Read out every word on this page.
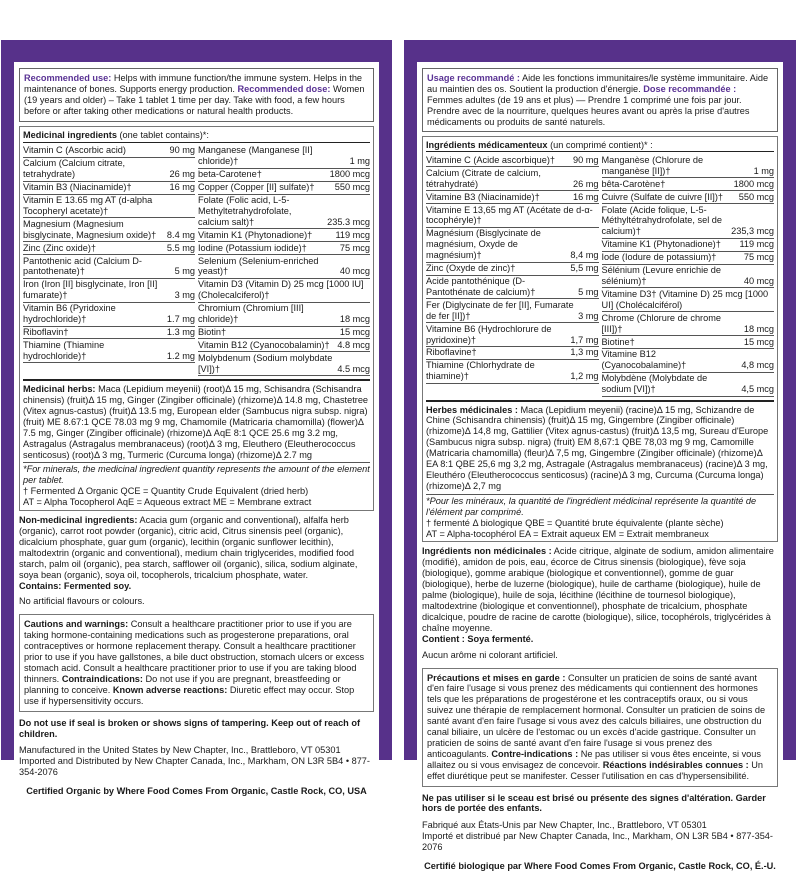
Recommended use: Helps with immune function/the immune system. Helps in the maintenance of bones. Supports energy production. Recommended dose: Women (19 years and older) – Take 1 tablet 1 time per day. Take with food, a few hours before or after taking other medications or natural health products.
Medicinal ingredients (one tablet contains)*:
Vitamin C (Ascorbic acid)	90 mg
Calcium (Calcium citrate, tetrahydrate)	26 mg
Vitamin B3 (Niacinamide)†	16 mg
Vitamin E 13.65 mg AT (d-alpha Tocopheryl acetate)†
Magnesium (Magnesium bisglycinate, Magnesium oxide)†	8.4 mg
Zinc (Zinc oxide)†	5.5 mg
Pantothenic acid (Calcium D-pantothenate)†	5 mg
Iron (Iron [II] bisglycinate, Iron [II] fumarate)†	3 mg
Vitamin B6 (Pyridoxine hydrochloride)†	1.7 mg
Riboflavin†	1.3 mg
Thiamine (Thiamine hydrochloride)†	1.2 mg
Manganese (Manganese [II] chloride)†	1 mg
beta-Carotene†	1800 mcg
Copper (Copper [II] sulfate)†	550 mcg
Folate (Folic acid, L-5-Methyltetrahydrofolate, calcium salt)†	235.3 mcg
Vitamin K1 (Phytonadione)†	119 mcg
Iodine (Potassium iodide)†	75 mcg
Selenium (Selenium-enriched yeast)†	40 mcg
Vitamin D3 (Vitamin D) 25 mcg [1000 IU] (Cholecalciferol)†
Chromium (Chromium [III] chloride)†	18 mcg
Biotin†	15 mcg
Vitamin B12 (Cyanocobalamin)† 4.8 mcg
Molybdenum (Sodium molybdate [VI])†	4.5 mcg
Medicinal herbs: Maca (Lepidium meyenii) (root)Δ 15 mg, Schisandra (Schisandra chinensis) (fruit)Δ 15 mg, Ginger (Zingiber officinale) (rhizome)Δ 14.8 mg, Chastetree (Vitex agnus-castus) (fruit)Δ 13.5 mg, European elder (Sambucus nigra subsp. nigra) (fruit) ME 8.67:1 QCE 78.03 mg 9 mg, Chamomile (Matricaria chamomilla) (flower)Δ 7.5 mg, Ginger (Zingiber officinale) (rhizome)Δ AqE 8:1 QCE 25.6 mg 3.2 mg, Astragalus (Astragalus membranaceus) (root)Δ 3 mg, Eleuthero (Eleutherococcus senticosus) (root)Δ 3 mg, Turmeric (Curcuma longa) (rhizome)Δ 2.7 mg

*For minerals, the medicinal ingredient quantity represents the amount of the element per tablet.

† Fermented Δ Organic QCE = Quantity Crude Equivalent (dried herb)

AT = Alpha Tocopherol AqE = Aqueous extract ME = Membrane extract

Non-medicinal ingredients: Acacia gum (organic and conventional), alfalfa herb (organic), carrot root powder (organic), citric acid, Citrus sinensis peel (organic), dicalcium phosphate, guar gum (organic), lecithin (organic sunflower lecithin), maltodextrin (organic and conventional), medium chain triglycerides, modified food starch, palm oil (organic), pea starch, safflower oil (organic), silica, sodium alginate, soya bean (organic), soya oil, tocopherols, tricalcium phosphate, water.

Contains: Fermented soy.

No artificial flavours or colours.

Cautions and warnings: Consult a healthcare practitioner prior to use if you are taking hormone-containing medications such as progesterone preparations, oral contraceptives or hormone replacement therapy. Consult a healthcare practitioner prior to use if you have gallstones, a bile duct obstruction, stomach ulcers or excess stomach acid. Consult a healthcare practitioner prior to use if you are taking blood thinners. Contraindications: Do not use if you are pregnant, breastfeeding or planning to conceive. Known adverse reactions: Diuretic effect may occur. Stop use if hypersensitivity occurs.

Do not use if seal is broken or shows signs of tampering. Keep out of reach of children.

Manufactured in the United States by New Chapter, Inc., Brattleboro, VT 05301

Imported and Distributed by New Chapter Canada, Inc., Markham, ON L3R 5B4 • 877-354-2076

Certified Organic by Where Food Comes From Organic, Castle Rock, CO, USA

Usage recommandé : Aide les fonctions immunitaires/le système immunitaire. Aide au maintien des os. Soutient la production d'énergie. Dose recommandée : Femmes adultes (de 19 ans et plus) — Prendre 1 comprimé une fois par jour. Prendre avec de la nourriture, quelques heures avant ou après la prise d'autres médicaments ou produits de santé naturels.
Ingrédients médicamenteux (un comprimé contient)* :
Vitamine C (Acide ascorbique)†	90 mg
Calcium (Citrate de calcium, tétrahydraté)	26 mg
Vitamine B3 (Niacinamide)†	16 mg
Vitamine E 13,65 mg AT (Acétate de d-α-tocophéryle)†
Magnésium (Bisglycinate de magnésium, Oxyde de magnésium)†	8,4 mg
Zinc (Oxyde de zinc)†	5,5 mg
Acide pantothénique (D-Pantothénate de calcium)†	5 mg
Fer (Diglycinate de fer [II], Fumarate de fer [II])†	3 mg
Vitamine B6 (Hydrochlorure de pyridoxine)†	1,7 mg
Riboflavine†	1,3 mg
Thiamine (Chlorhydrate de thiamine)†	1,2 mg
Manganèse (Chlorure de manganèse [II])†	1 mg
bêta-Carotène†	1800 mcg
Cuivre (Sulfate de cuivre [II])†	550 mcg
Folate (Acide folique, L-5-Méthyltétrahydrofolate, sel de calcium)†	235,3 mcg
Vitamine K1 (Phytonadione)†	119 mcg
Iode (Iodure de potassium)†	75 mcg
Sélénium (Levure enrichie de sélénium)†	40 mcg
Vitamine D3† (Vitamine D) 25 mcg [1000 UI] (Cholécalciférol)
Chrome (Chlorure de chrome [III])†	18 mcg
Biotine†	15 mcg
Vitamine B12 (Cyanocobalamine)†	4,8 mcg
Molybdène (Molybdate de sodium [VI])†	4,5 mcg
Herbes médicinales : Maca (Lepidium meyenii) (racine)Δ 15 mg, Schizandre de Chine (Schisandra chinensis) (fruit)Δ 15 mg, Gingembre (Zingiber officinale) (rhizome)Δ 14,8 mg, Gattilier (Vitex agnus-castus) (fruit)Δ 13,5 mg, Sureau d'Europe (Sambucus nigra subsp. nigra) (fruit) EM 8,67:1 QBE 78,03 mg 9 mg, Camomille (Matricaria chamomilla) (fleur)Δ 7,5 mg, Gingembre (Zingiber officinale) (rhizome)Δ EA 8:1 QBE 25,6 mg 3,2 mg, Astragale (Astragalus membranaceus) (racine)Δ 3 mg, Eleuthéro (Eleutherococcus senticosus) (racine)Δ 3 mg, Curcuma (Curcuma longa) (rhizome)Δ 2,7 mg

*Pour les minéraux, la quantité de l'ingrédient médicinal représente la quantité de l'élément par comprimé.

† fermenté Δ biologique QBE = Quantité brute équivalente (plante sèche)

AT = Alpha-tocophérol EA = Extrait aqueux EM = Extrait membraneux

Ingrédients non médicinales : Acide citrique, alginate de sodium, amidon alimentaire (modifié), amidon de pois, eau, écorce de Citrus sinensis (biologique), fève soja (biologique), gomme arabique (biologique et conventionnel), gomme de guar (biologique), herbe de luzerne (biologique), huile de carthame (biologique), huile de palme (biologique), huile de soja, lécithine (lécithine de tournesol biologique), maltodextrine (biologique et conventionnel), phosphate de tricalcium, phosphate dicalcique, poudre de racine de carotte (biologique), silice, tocophérols, triglycérides à chaîne moyenne.

Contient : Soya fermenté.

Aucun arôme ni colorant artificiel.

Précautions et mises en garde : Consulter un praticien de soins de santé avant d'en faire l'usage si vous prenez des médicaments qui contiennent des hormones tels que les préparations de progestérone et les contraceptifs oraux, ou si vous suivez une thérapie de remplacement hormonal. Consulter un praticien de soins de santé avant d'en faire l'usage si vous avez des calculs biliaires, une obstruction du canal biliaire, un ulcère de l'estomac ou un excès d'acide gastrique. Consulter un praticien de soins de santé avant d'en faire l'usage si vous prenez des anticoagulants. Contre-indications : Ne pas utiliser si vous êtes enceinte, si vous allaitez ou si vous envisagez de concevoir. Réactions indésirables connues : Un effet diurétique peut se manifester. Cesser l'utilisation en cas d'hypersensibilité.

Ne pas utiliser si le sceau est brisé ou présente des signes d'altération. Garder hors de portée des enfants.

Fabriqué aux États-Unis par New Chapter, Inc., Brattleboro, VT 05301

Importé et distribué par New Chapter Canada, Inc., Markham, ON L3R 5B4 • 877-354-2076

Certifié biologique par Where Food Comes From Organic, Castle Rock, CO, É.-U.
